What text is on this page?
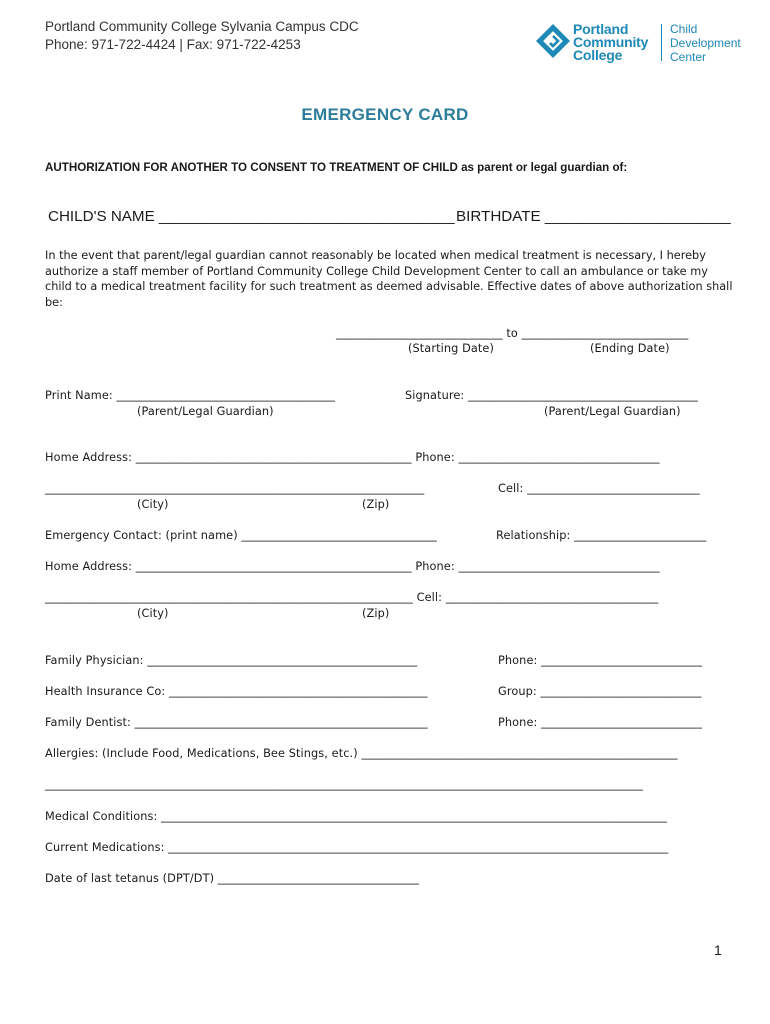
Portland Community College Sylvania Campus CDC
Phone: 971-722-4424 | Fax: 971-722-4253
Portland
Community
College
Child
Development
Center
EMERGENCY CARD
AUTHORIZATION FOR ANOTHER TO CONSENT TO TREATMENT OF CHILD as parent or legal guardian of:
CHILD'S NAME ___________________________________ BIRTHDATE ______________________
In the event that parent/legal guardian cannot reasonably be located when medical treatment is necessary, I hereby authorize a staff member of Portland Community College Child Development Center to call an ambulance or take my child to a medical treatment facility for such treatment as deemed advisable. Effective dates of above authorization shall be:
_____________________________ to _____________________________
(Starting Date)	(Ending Date)
Print Name: ______________________________________
(Parent/Legal Guardian)
Signature: ________________________________________
(Parent/Legal Guardian)
Home Address: ________________________________________________ Phone: ___________________________________
__________________________________________________________________	Cell: ______________________________
(City)	(Zip)
Emergency Contact: (print name) __________________________________	Relationship: _______________________
Home Address: ________________________________________________ Phone: ___________________________________
________________________________________________________________ Cell: _____________________________________
(City)	(Zip)
Family Physician: _______________________________________________	Phone: ____________________________
Health Insurance Co: _____________________________________________	Group: ____________________________
Family Dentist: ___________________________________________________	Phone: ____________________________
Allergies: (Include Food, Medications, Bee Stings, etc.) _______________________________________________________
________________________________________________________________________________________________________
Medical Conditions: ________________________________________________________________________________________
Current Medications: _______________________________________________________________________________________
Date of last tetanus (DPT/DT) ___________________________________
1
